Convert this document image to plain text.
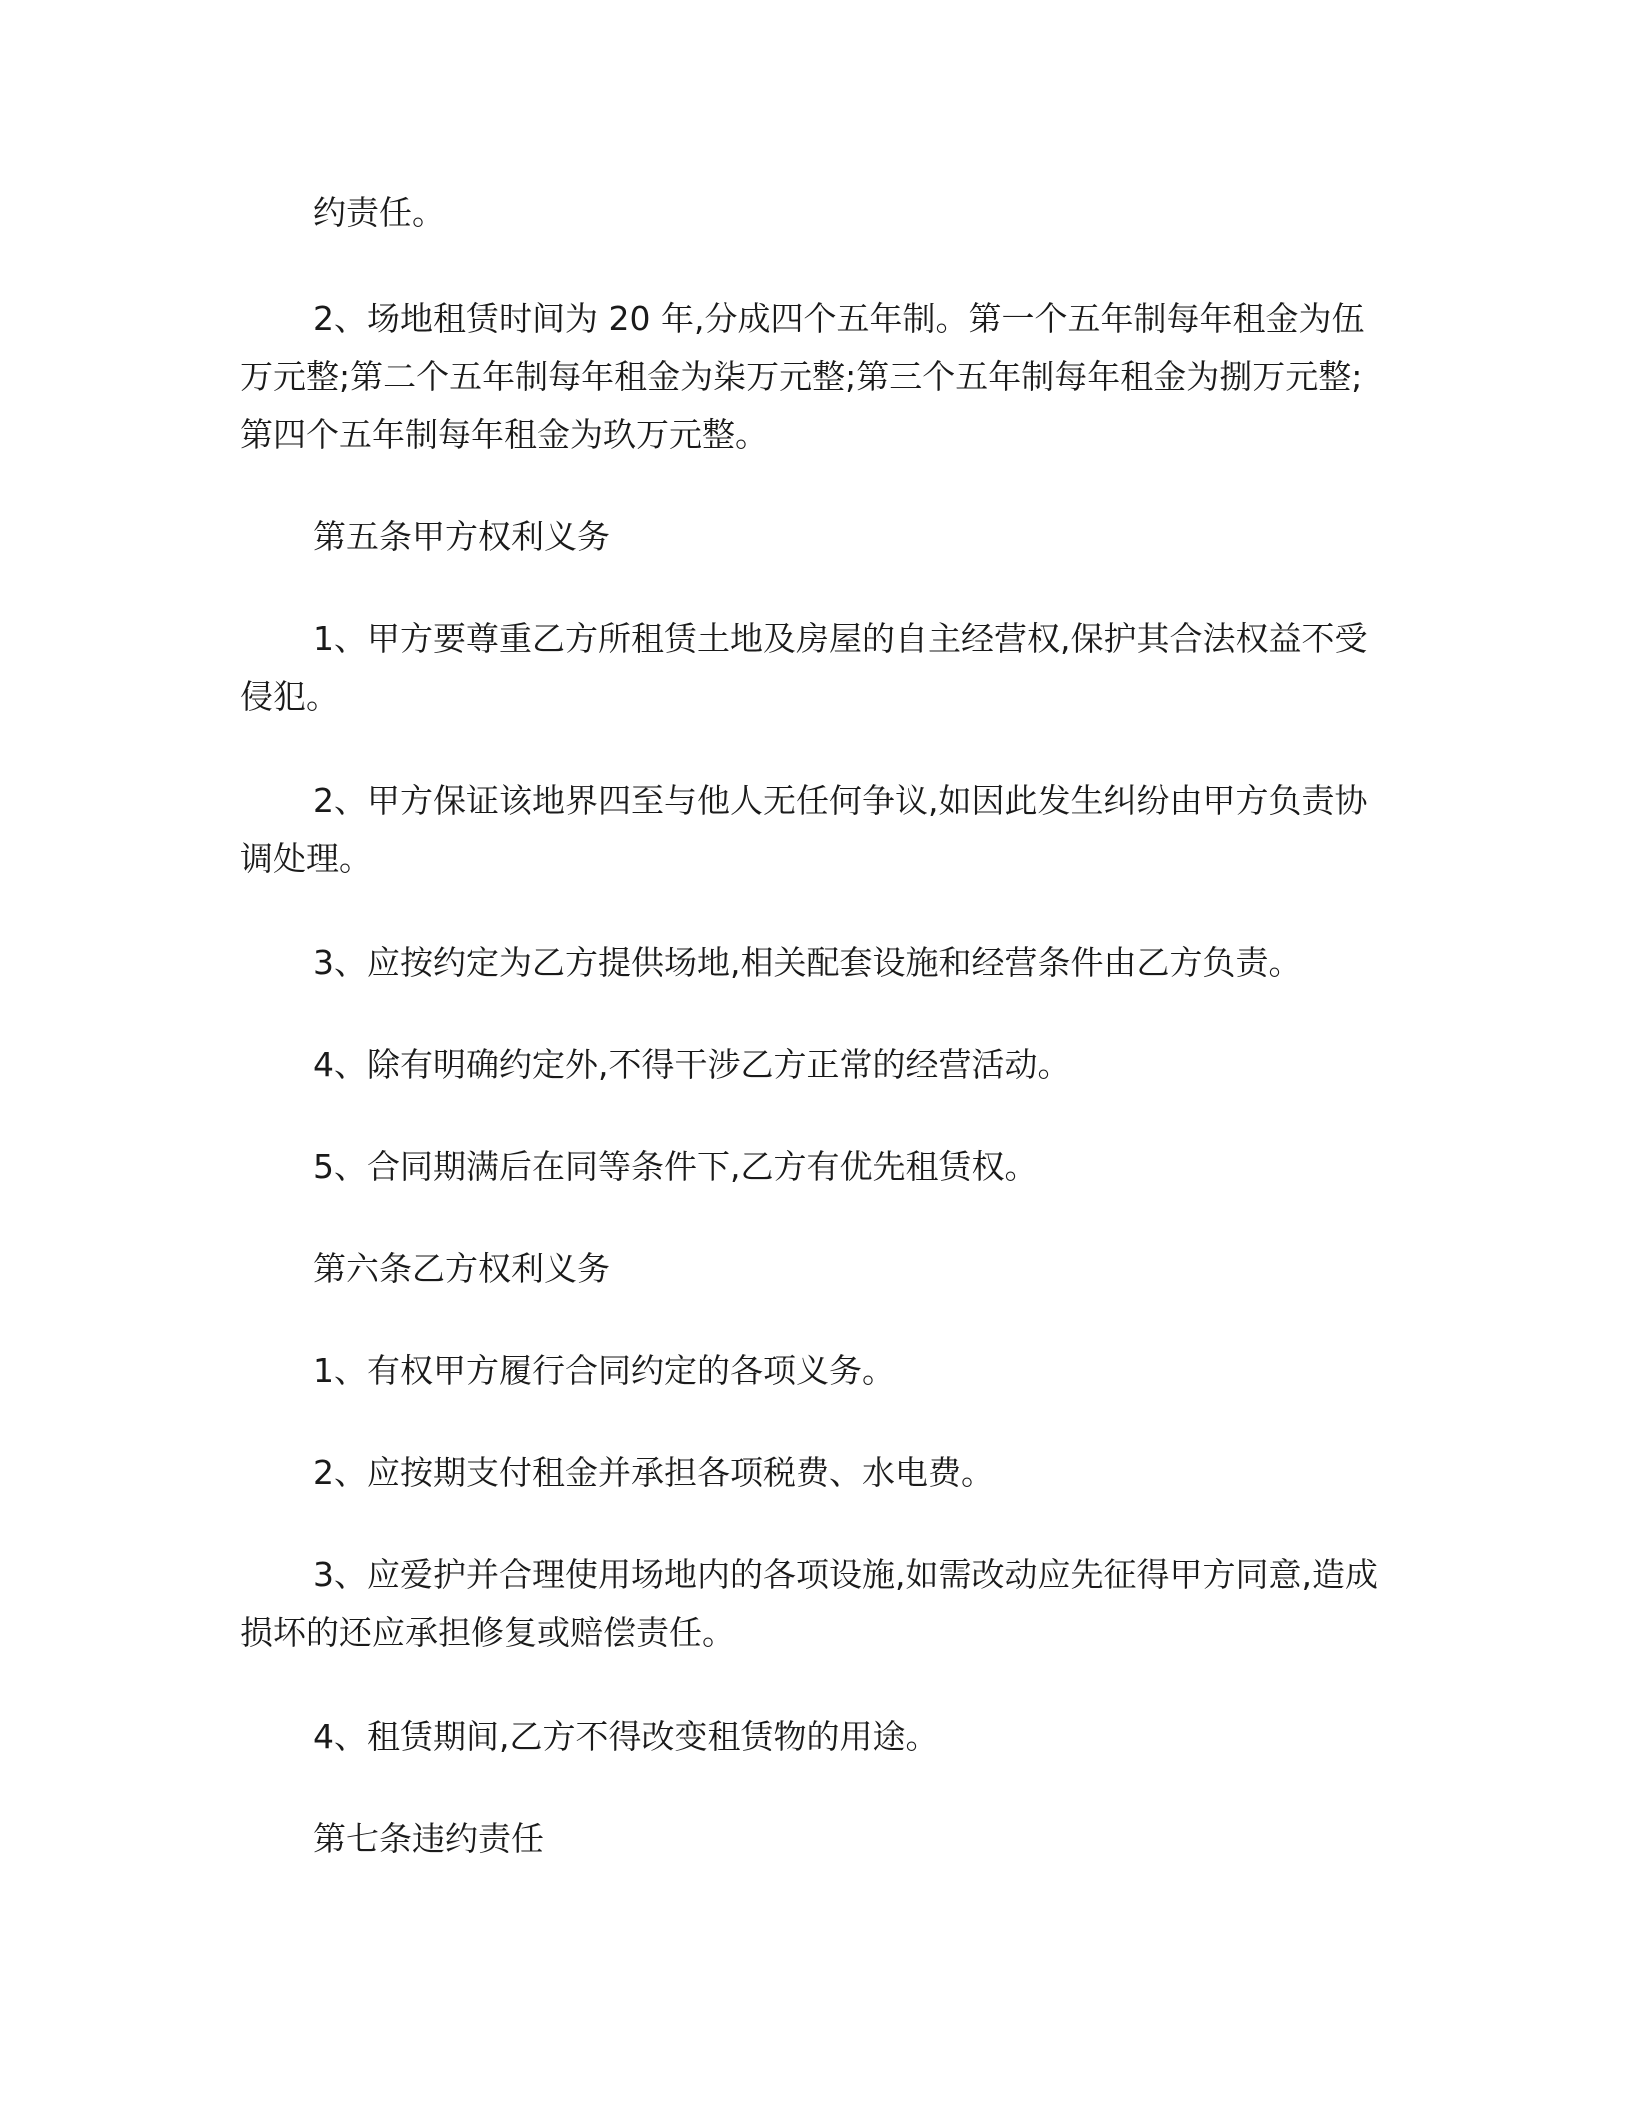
约责任。

2、场地租赁时间为 20 年,分成四个五年制。第一个五年制每年租金为伍万元整;第二个五年制每年租金为柒万元整;第三个五年制每年租金为捌万元整;第四个五年制每年租金为玖万元整。

第五条甲方权利义务

1、甲方要尊重乙方所租赁土地及房屋的自主经营权,保护其合法权益不受侵犯。

2、甲方保证该地界四至与他人无任何争议,如因此发生纠纷由甲方负责协调处理。

3、应按约定为乙方提供场地,相关配套设施和经营条件由乙方负责。

4、除有明确约定外,不得干涉乙方正常的经营活动。

5、合同期满后在同等条件下,乙方有优先租赁权。

第六条乙方权利义务

1、有权甲方履行合同约定的各项义务。

2、应按期支付租金并承担各项税费、水电费。

3、应爱护并合理使用场地内的各项设施,如需改动应先征得甲方同意,造成损坏的还应承担修复或赔偿责任。

4、租赁期间,乙方不得改变租赁物的用途。

第七条违约责任
